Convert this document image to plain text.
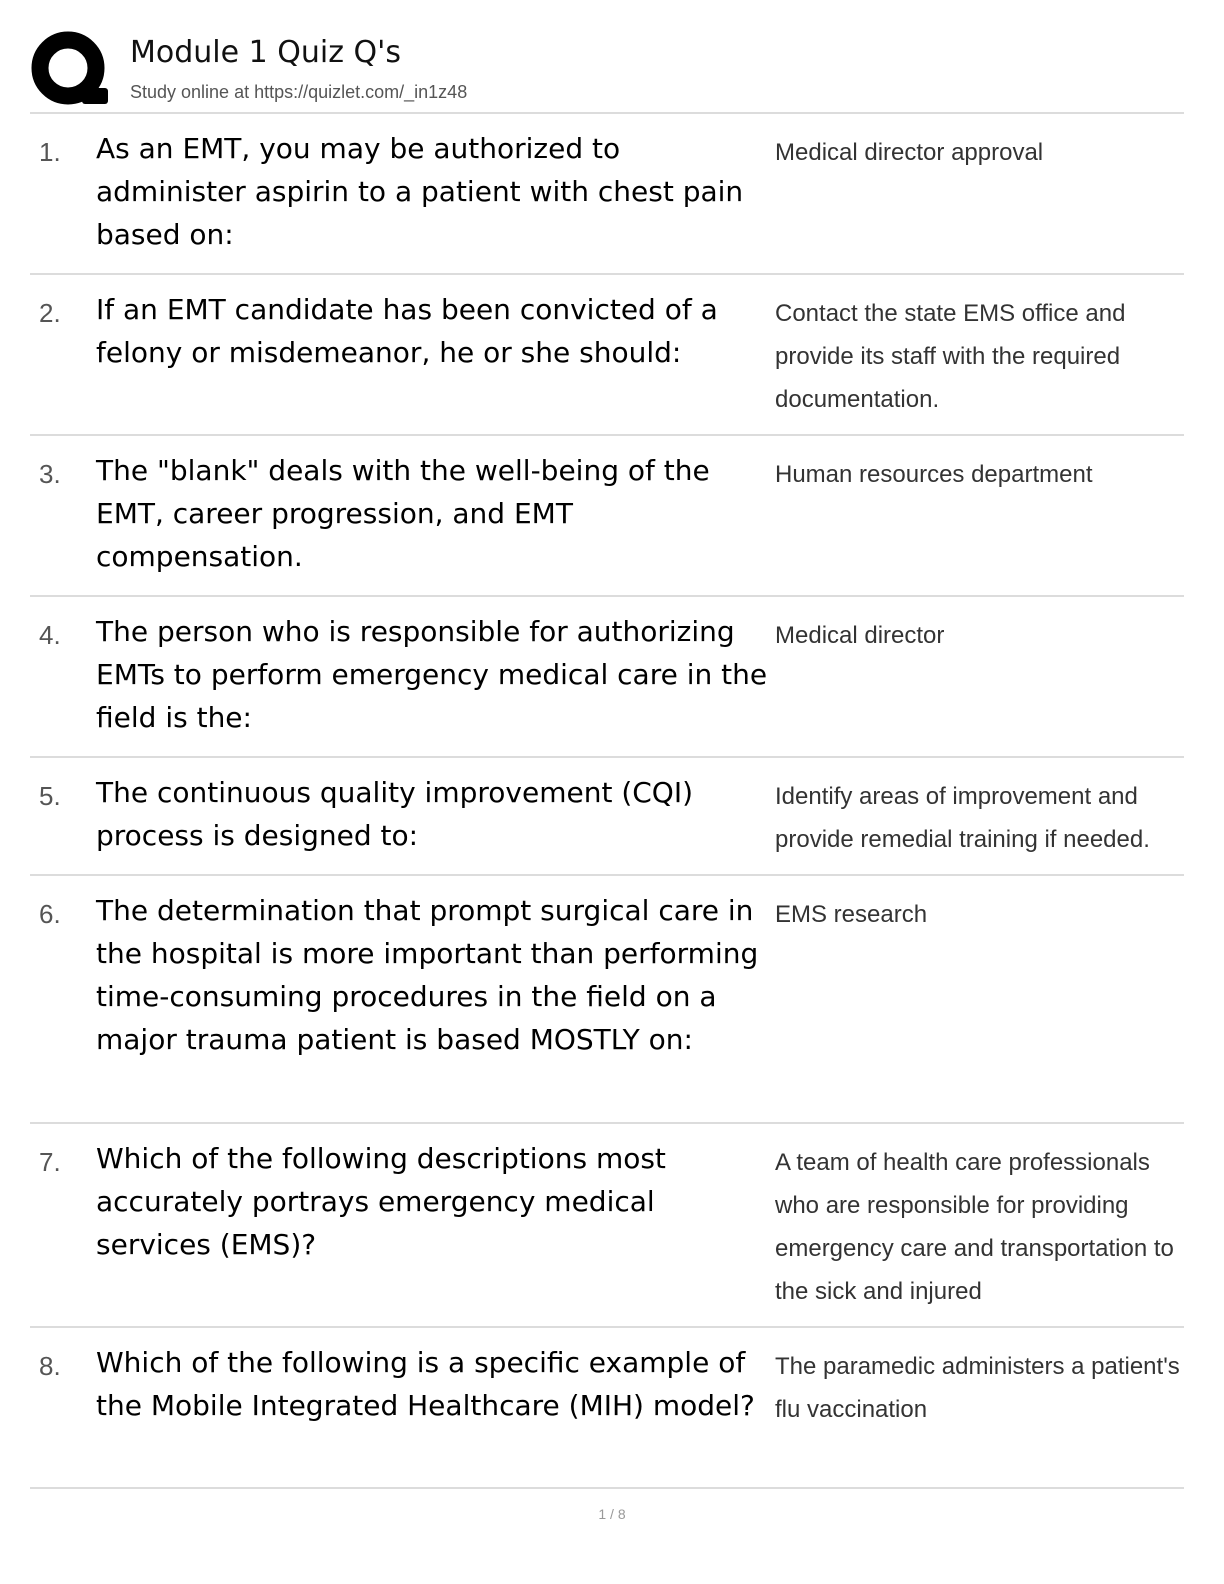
Module 1 Quiz Q's
Study online at https://quizlet.com/_in1z48
1. As an EMT, you may be authorized to administer aspirin to a patient with chest pain based on:
Medical director approval
2. If an EMT candidate has been convicted of a felony or misdemeanor, he or she should:
Contact the state EMS office and provide its staff with the required documentation.
3. The "blank" deals with the well-being of the EMT, career progression, and EMT compensation.
Human resources department
4. The person who is responsible for authorizing EMTs to perform emergency medical care in the field is the:
Medical director
5. The continuous quality improvement (CQI) process is designed to:
Identify areas of improvement and provide remedial training if needed.
6. The determination that prompt surgical care in the hospital is more important than performing time-consuming procedures in the field on a major trauma patient is based MOSTLY on:
EMS research
7. Which of the following descriptions most accurately portrays emergency medical services (EMS)?
A team of health care professionals who are responsible for providing emergency care and transportation to the sick and injured
8. Which of the following is a specific example of the Mobile Integrated Healthcare (MIH) model?
The paramedic administers a patient's flu vaccination
1 / 8
